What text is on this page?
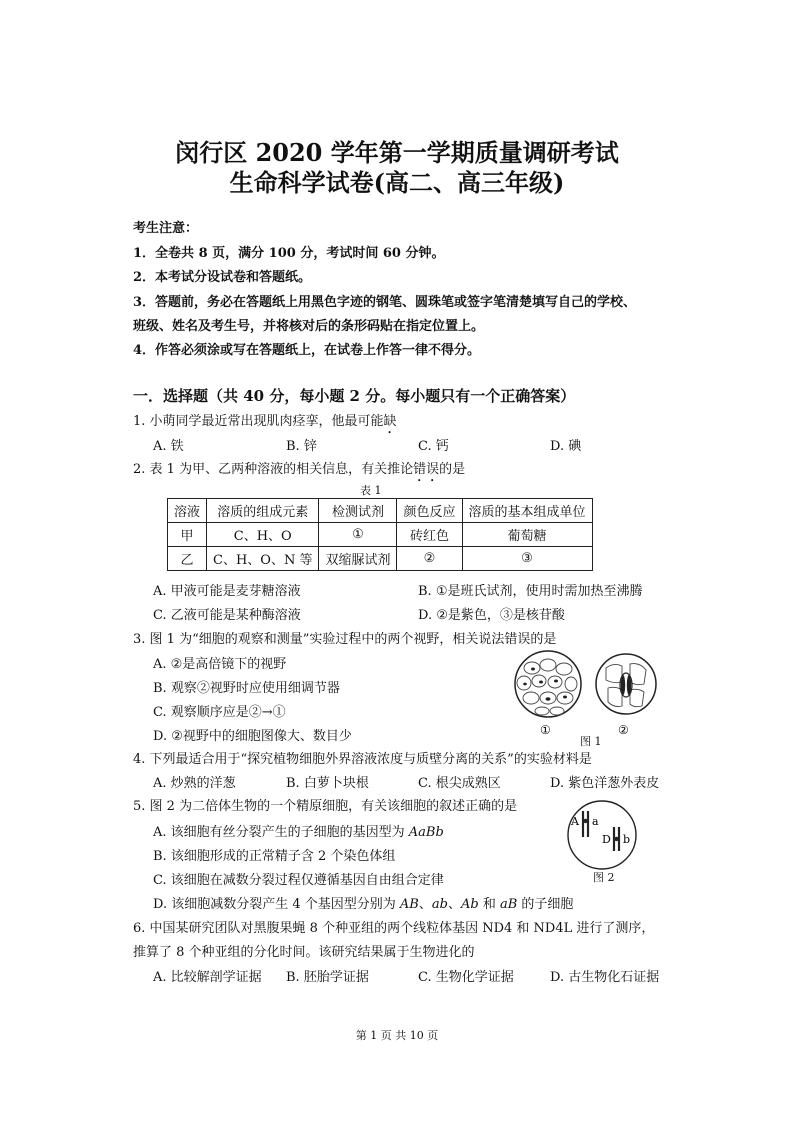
闵行区 2020 学年第一学期质量调研考试
生命科学试卷(高二、高三年级)
考生注意：
1．全卷共 8 页，满分 100 分，考试时间 60 分钟。
2．本考试分设试卷和答题纸。
3．答题前，务必在答题纸上用黑色字迹的钢笔、圆珠笔或签字笔清楚填写自己的学校、
班级、姓名及考生号，并将核对后的条形码贴在指定位置上。
4．作答必须涂或写在答题纸上，在试卷上作答一律不得分。
一．选择题（共 40 分，每小题 2 分。每小题只有一个正确答案）
1. 小萌同学最近常出现肌肉痉挛，他最可能缺
A. 铁	B. 锌	C. 钙	D. 碘
2. 表 1 为甲、乙两种溶液的相关信息，有关推论错误的是
表 1
溶液	溶质的组成元素	检测试剂	颜色反应	溶质的基本组成单位
甲	C、H、O	①	砖红色	葡萄糖
乙	C、H、O、N 等	双缩脲试剂	②	③
A. 甲液可能是麦芽糖溶液	B. ①是班氏试剂，使用时需加热至沸腾
C. 乙液可能是某种酶溶液	D. ②是紫色，③是核苷酸
3. 图 1 为“细胞的观察和测量”实验过程中的两个视野，相关说法错误的是
A. ②是高倍镜下的视野
B. 观察②视野时应使用细调节器
C. 观察顺序应是②→①
D. ②视野中的细胞图像大、数目少	①	②
图 1
4. 下列最适合用于“探究植物细胞外界溶液浓度与质壁分离的关系”的实验材料是
A. 炒熟的洋葱	B. 白萝卜块根	C. 根尖成熟区	D. 紫色洋葱外表皮
5. 图 2 为二倍体生物的一个精原细胞，有关该细胞的叙述正确的是
A. 该细胞有丝分裂产生的子细胞的基因型为 AaBb
B. 该细胞形成的正常精子含 2 个染色体组
C. 该细胞在减数分裂过程仅遵循基因自由组合定律
D. 该细胞减数分裂产生 4 个基因型分别为 AB、ab、Ab 和 aB 的子细胞
A a
D b
图 2
6. 中国某研究团队对黑腹果蝇 8 个种亚组的两个线粒体基因 ND4 和 ND4L 进行了测序，
推算了 8 个种亚组的分化时间。该研究结果属于生物进化的
A. 比较解剖学证据 B. 胚胎学证据	C. 生物化学证据	D. 古生物化石证据
第 1 页 共 10 页
